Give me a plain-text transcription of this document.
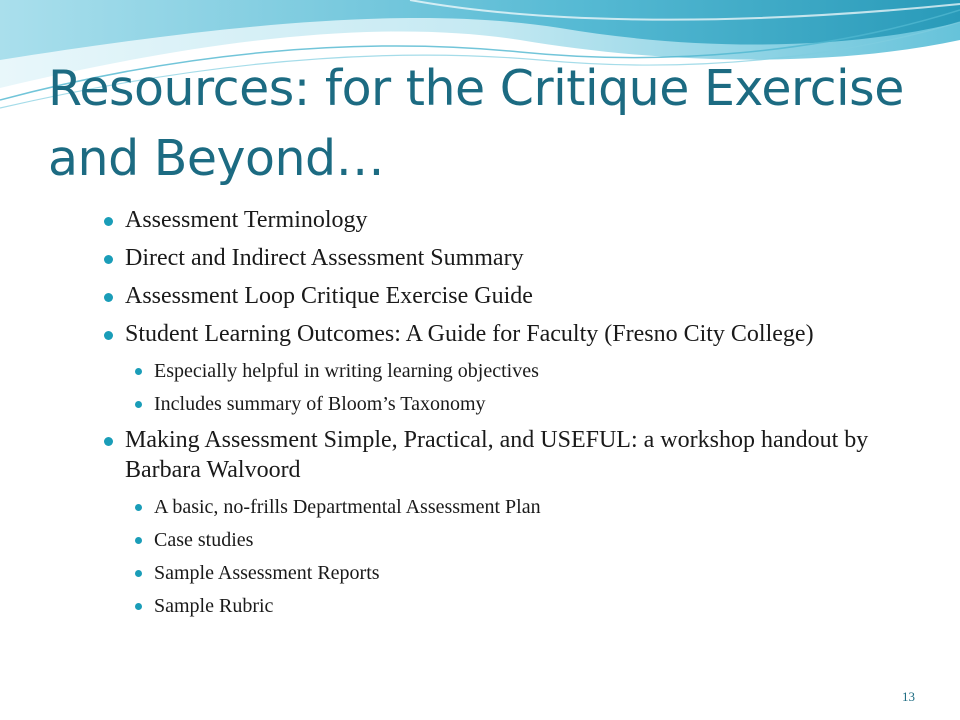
Resources: for the Critique Exercise
and Beyond…
Assessment Terminology
Direct and Indirect Assessment Summary
Assessment Loop Critique Exercise Guide
Student Learning Outcomes: A Guide for Faculty (Fresno City College)
Especially helpful in writing learning objectives
Includes summary of Bloom’s Taxonomy
Making Assessment Simple, Practical, and USEFUL: a workshop handout by Barbara Walvoord
A basic, no-frills Departmental Assessment Plan
Case studies
Sample Assessment Reports
Sample Rubric
13
